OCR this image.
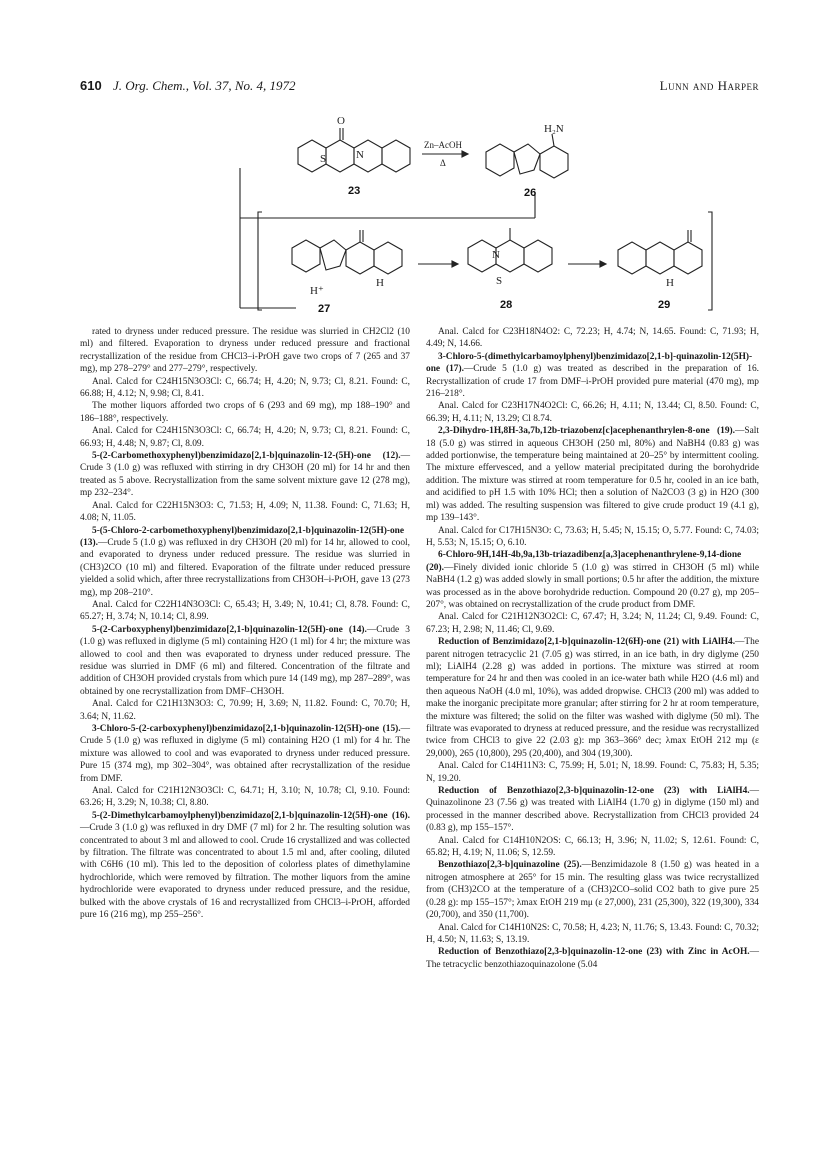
610 J. Org. Chem., Vol. 37, No. 4, 1972	Lunn and Harper
O
S	N
H₂N
H⁺
H
N
S	H
Zn–AcOH
Δ
23	26
27	28	29

rated to dryness under reduced pressure. The residue was slurried in CH2Cl2 (10 ml) and filtered. Evaporation to dryness under reduced pressure and fractional recrystallization of the residue from CHCl3–i-PrOH gave two crops of 7 (265 and 37 mg), mp 278–279° and 277–279°, respectively.

Anal. Calcd for C24H15N3O3Cl: C, 66.74; H, 4.20; N, 9.73; Cl, 8.21. Found: C, 66.88; H, 4.12; N, 9.98; Cl, 8.41.

The mother liquors afforded two crops of 6 (293 and 69 mg), mp 188–190° and 186–188°, respectively.

Anal. Calcd for C24H15N3O3Cl: C, 66.74; H, 4.20; N, 9.73; Cl, 8.21. Found: C, 66.93; H, 4.48; N, 9.87; Cl, 8.09.

5-(2-Carbomethoxyphenyl)benzimidazo[2,1-b]quinazolin-12-(5H)-one (12).—Crude 3 (1.0 g) was refluxed with stirring in dry CH3OH (20 ml) for 14 hr and then treated as 5 above. Recrystallization from the same solvent mixture gave 12 (278 mg), mp 232–234°.

Anal. Calcd for C22H15N3O3: C, 71.53; H, 4.09; N, 11.38. Found: C, 71.63; H, 4.08; N, 11.05.

5-(5-Chloro-2-carbomethoxyphenyl)benzimidazo[2,1-b]quinazolin-12(5H)-one (13).—Crude 5 (1.0 g) was refluxed in dry CH3OH (20 ml) for 14 hr, allowed to cool, and evaporated to dryness under reduced pressure. The residue was slurried in (CH3)2CO (10 ml) and filtered. Evaporation of the filtrate under reduced pressure yielded a solid which, after three recrystallizations from CH3OH–i-PrOH, gave 13 (273 mg), mp 208–210°.

Anal. Calcd for C22H14N3O3Cl: C, 65.43; H, 3.49; N, 10.41; Cl, 8.78. Found: C, 65.27; H, 3.74; N, 10.14; Cl, 8.99.

5-(2-Carboxyphenyl)benzimidazo[2,1-b]quinazolin-12(5H)-one (14).—Crude 3 (1.0 g) was refluxed in diglyme (5 ml) containing H2O (1 ml) for 4 hr; the mixture was allowed to cool and then was evaporated to dryness under reduced pressure. The residue was slurried in DMF (6 ml) and filtered. Concentration of the filtrate and addition of CH3OH provided crystals from which pure 14 (149 mg), mp 287–289°, was obtained by one recrystallization from DMF–CH3OH.

Anal. Calcd for C21H13N3O3: C, 70.99; H, 3.69; N, 11.82. Found: C, 70.70; H, 3.64; N, 11.62.

3-Chloro-5-(2-carboxyphenyl)benzimidazo[2,1-b]quinazolin-12(5H)-one (15).—Crude 5 (1.0 g) was refluxed in diglyme (5 ml) containing H2O (1 ml) for 4 hr. The mixture was allowed to cool and was evaporated to dryness under reduced pressure. Pure 15 (374 mg), mp 302–304°, was obtained after recrystallization of the residue from DMF.

Anal. Calcd for C21H12N3O3Cl: C, 64.71; H, 3.10; N, 10.78; Cl, 9.10. Found: 63.26; H, 3.29; N, 10.38; Cl, 8.80.

5-(2-Dimethylcarbamoylphenyl)benzimidazo[2,1-b]quinazolin-12(5H)-one (16).—Crude 3 (1.0 g) was refluxed in dry DMF (7 ml) for 2 hr. The resulting solution was concentrated to about 3 ml and allowed to cool. Crude 16 crystallized and was collected by filtration. The filtrate was concentrated to about 1.5 ml and, after cooling, diluted with C6H6 (10 ml). This led to the deposition of colorless plates of dimethylamine hydrochloride, which were removed by filtration. The mother liquors from the amine hydrochloride were evaporated to dryness under reduced pressure, and the residue, bulked with the above crystals of 16 and recrystallized from CHCl3–i-PrOH, afforded pure 16 (216 mg), mp 255–256°.

Anal. Calcd for C23H18N4O2: C, 72.23; H, 4.74; N, 14.65. Found: C, 71.93; H, 4.49; N, 14.66.

3-Chloro-5-(dimethylcarbamoylphenyl)benzimidazo[2,1-b]-quinazolin-12(5H)-one (17).—Crude 5 (1.0 g) was treated as described in the preparation of 16. Recrystallization of crude 17 from DMF–i-PrOH provided pure material (470 mg), mp 216–218°.

Anal. Calcd for C23H17N4O2Cl: C, 66.26; H, 4.11; N, 13.44; Cl, 8.50. Found: C, 66.39; H, 4.11; N, 13.29; Cl 8.74.

2,3-Dihydro-1H,8H-3a,7b,12b-triazobenz[c]acephenanthrylen-8-one (19).—Salt 18 (5.0 g) was stirred in aqueous CH3OH (250 ml, 80%) and NaBH4 (0.83 g) was added portionwise, the temperature being maintained at 20–25° by intermittent cooling. The mixture effervesced, and a yellow material precipitated during the borohydride addition. The mixture was stirred at room temperature for 0.5 hr, cooled in an ice bath, and acidified to pH 1.5 with 10% HCl; then a solution of Na2CO3 (3 g) in H2O (300 ml) was added. The resulting suspension was filtered to give crude product 19 (4.1 g), mp 139–143°.

Anal. Calcd for C17H15N3O: C, 73.63; H, 5.45; N, 15.15; O, 5.77. Found: C, 74.03; H, 5.53; N, 15.15; O, 6.10.

6-Chloro-9H,14H-4b,9a,13b-triazadibenz[a,3]acephenanthrylene-9,14-dione (20).—Finely divided ionic chloride 5 (1.0 g) was stirred in CH3OH (5 ml) while NaBH4 (1.2 g) was added slowly in small portions; 0.5 hr after the addition, the mixture was processed as in the above borohydride reduction. Compound 20 (0.27 g), mp 205–207°, was obtained on recrystallization of the crude product from DMF.

Anal. Calcd for C21H12N3O2Cl: C, 67.47; H, 3.24; N, 11.24; Cl, 9.49. Found: C, 67.23; H, 2.98; N, 11.46; Cl, 9.69.

Reduction of Benzimidazo[2,1-b]quinazolin-12(6H)-one (21) with LiAlH4.—The parent nitrogen tetracyclic 21 (7.05 g) was stirred, in an ice bath, in dry diglyme (250 ml); LiAlH4 (2.28 g) was added in portions. The mixture was stirred at room temperature for 24 hr and then was cooled in an ice-water bath while H2O (4.6 ml) and then aqueous NaOH (4.0 ml, 10%), was added dropwise. CHCl3 (200 ml) was added to make the inorganic precipitate more granular; after stirring for 2 hr at room temperature, the mixture was filtered; the solid on the filter was washed with diglyme (50 ml). The filtrate was evaporated to dryness at reduced pressure, and the residue was recrystallized twice from CHCl3 to give 22 (2.03 g): mp 363–366° dec; λmax EtOH 212 mμ (ε 29,000), 265 (10,800), 295 (20,400), and 304 (19,300).

Anal. Calcd for C14H11N3: C, 75.99; H, 5.01; N, 18.99. Found: C, 75.83; H, 5.35; N, 19.20.

Reduction of Benzothiazo[2,3-b]quinazolin-12-one (23) with LiAlH4.—Quinazolinone 23 (7.56 g) was treated with LiAlH4 (1.70 g) in diglyme (150 ml) and processed in the manner described above. Recrystallization from CHCl3 provided 24 (0.83 g), mp 155–157°.

Anal. Calcd for C14H10N2OS: C, 66.13; H, 3.96; N, 11.02; S, 12.61. Found: C, 65.82; H, 4.19; N, 11.06; S, 12.59.

Benzothiazo[2,3-b]quinazoline (25).—Benzimidazole 8 (1.50 g) was heated in a nitrogen atmosphere at 265° for 15 min. The resulting glass was twice recrystallized from (CH3)2CO at the temperature of a (CH3)2CO–solid CO2 bath to give pure 25 (0.28 g): mp 155–157°; λmax EtOH 219 mμ (ε 27,000), 231 (25,300), 322 (19,300), 334 (20,700), and 350 (11,700).

Anal. Calcd for C14H10N2S: C, 70.58; H, 4.23; N, 11.76; S, 13.43. Found: C, 70.32; H, 4.50; N, 11.63; S, 13.19.

Reduction of Benzothiazo[2,3-b]quinazolin-12-one (23) with Zinc in AcOH.—The tetracyclic benzothiazoquinazolone (5.04
